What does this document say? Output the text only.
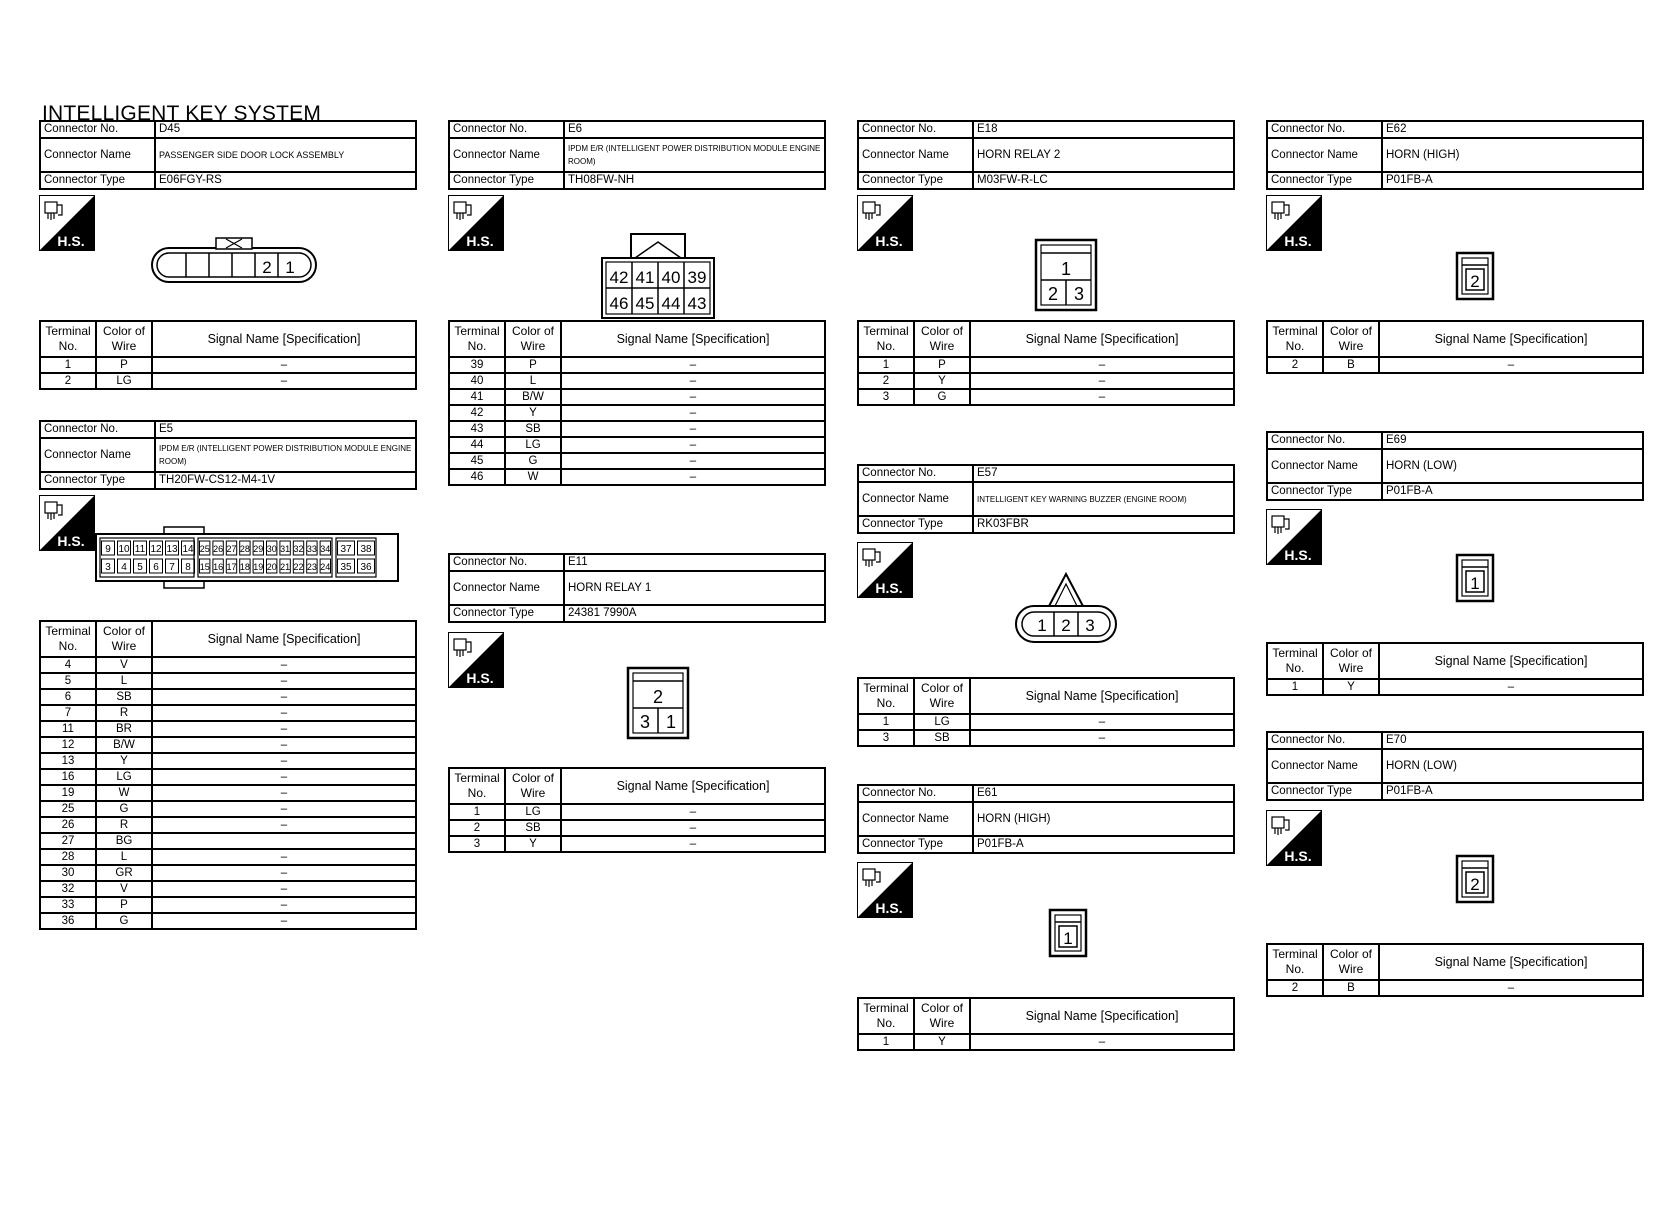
INTELLIGENT KEY SYSTEM
Connector No.	D45
Connector Name	PASSENGER SIDE DOOR LOCK ASSEMBLY
Connector Type	E06FGY-RS
H.S.
2 1
Terminal No.	Color of Wire	Signal Name [Specification]
1	P	–
2	LG	–
Connector No.	E5
Connector Name	IPDM E/R (INTELLIGENT POWER DISTRIBUTION MODULE ENGINE ROOM)
Connector Type	TH20FW-CS12-M4-1V
H.S.
9
3
10
4
11
5
12
6
13
7
14
8
25
15
26
16
27
17
28
18
29
19
30
20
31
21
32
22
33
23
34
24
37
35
38
36
Terminal No.	Color of Wire	Signal Name [Specification]
4	V	–
5	L	–
6	SB	–
7	R	–
11	BR	–
12	B/W	–
13	Y	–
16	LG	–
19	W	–
25	G	–
26	R	–
27	BG	
28	L	–
30	GR	–
32	V	–
33	P	–
36	G	–
Connector No.	E6
Connector Name	IPDM E/R (INTELLIGENT POWER DISTRIBUTION MODULE ENGINE ROOM)
Connector Type	TH08FW-NH
H.S.
42 41 40 39
46 45 44 43
Terminal No.	Color of Wire	Signal Name [Specification]
39	P	–
40	L	–
41	B/W	–
42	Y	–
43	SB	–
44	LG	–
45	G	–
46	W	–
Connector No.	E11
Connector Name	HORN RELAY 1
Connector Type	24381 7990A
H.S.
2
3 1
Terminal No.	Color of Wire	Signal Name [Specification]
1	LG	–
2	SB	–
3	Y	–
Connector No.	E18
Connector Name	HORN RELAY 2
Connector Type	M03FW-R-LC
H.S.
1
2 3
Terminal No.	Color of Wire	Signal Name [Specification]
1	P	–
2	Y	–
3	G	–
Connector No.	E57
Connector Name	INTELLIGENT KEY WARNING BUZZER (ENGINE ROOM)
Connector Type	RK03FBR
H.S.
1 2 3
Terminal No.	Color of Wire	Signal Name [Specification]
1	LG	–
3	SB	–
Connector No.	E61
Connector Name	HORN (HIGH)
Connector Type	P01FB-A
H.S.
1
Terminal No.	Color of Wire	Signal Name [Specification]
1	Y	–
Connector No.	E62
Connector Name	HORN (HIGH)
Connector Type	P01FB-A
H.S.
2
Terminal No.	Color of Wire	Signal Name [Specification]
2	B	–
Connector No.	E69
Connector Name	HORN (LOW)
Connector Type	P01FB-A
H.S.
1
Terminal No.	Color of Wire	Signal Name [Specification]
1	Y	–
Connector No.	E70
Connector Name	HORN (LOW)
Connector Type	P01FB-A
H.S.
2
Terminal No.	Color of Wire	Signal Name [Specification]
2	B	–
